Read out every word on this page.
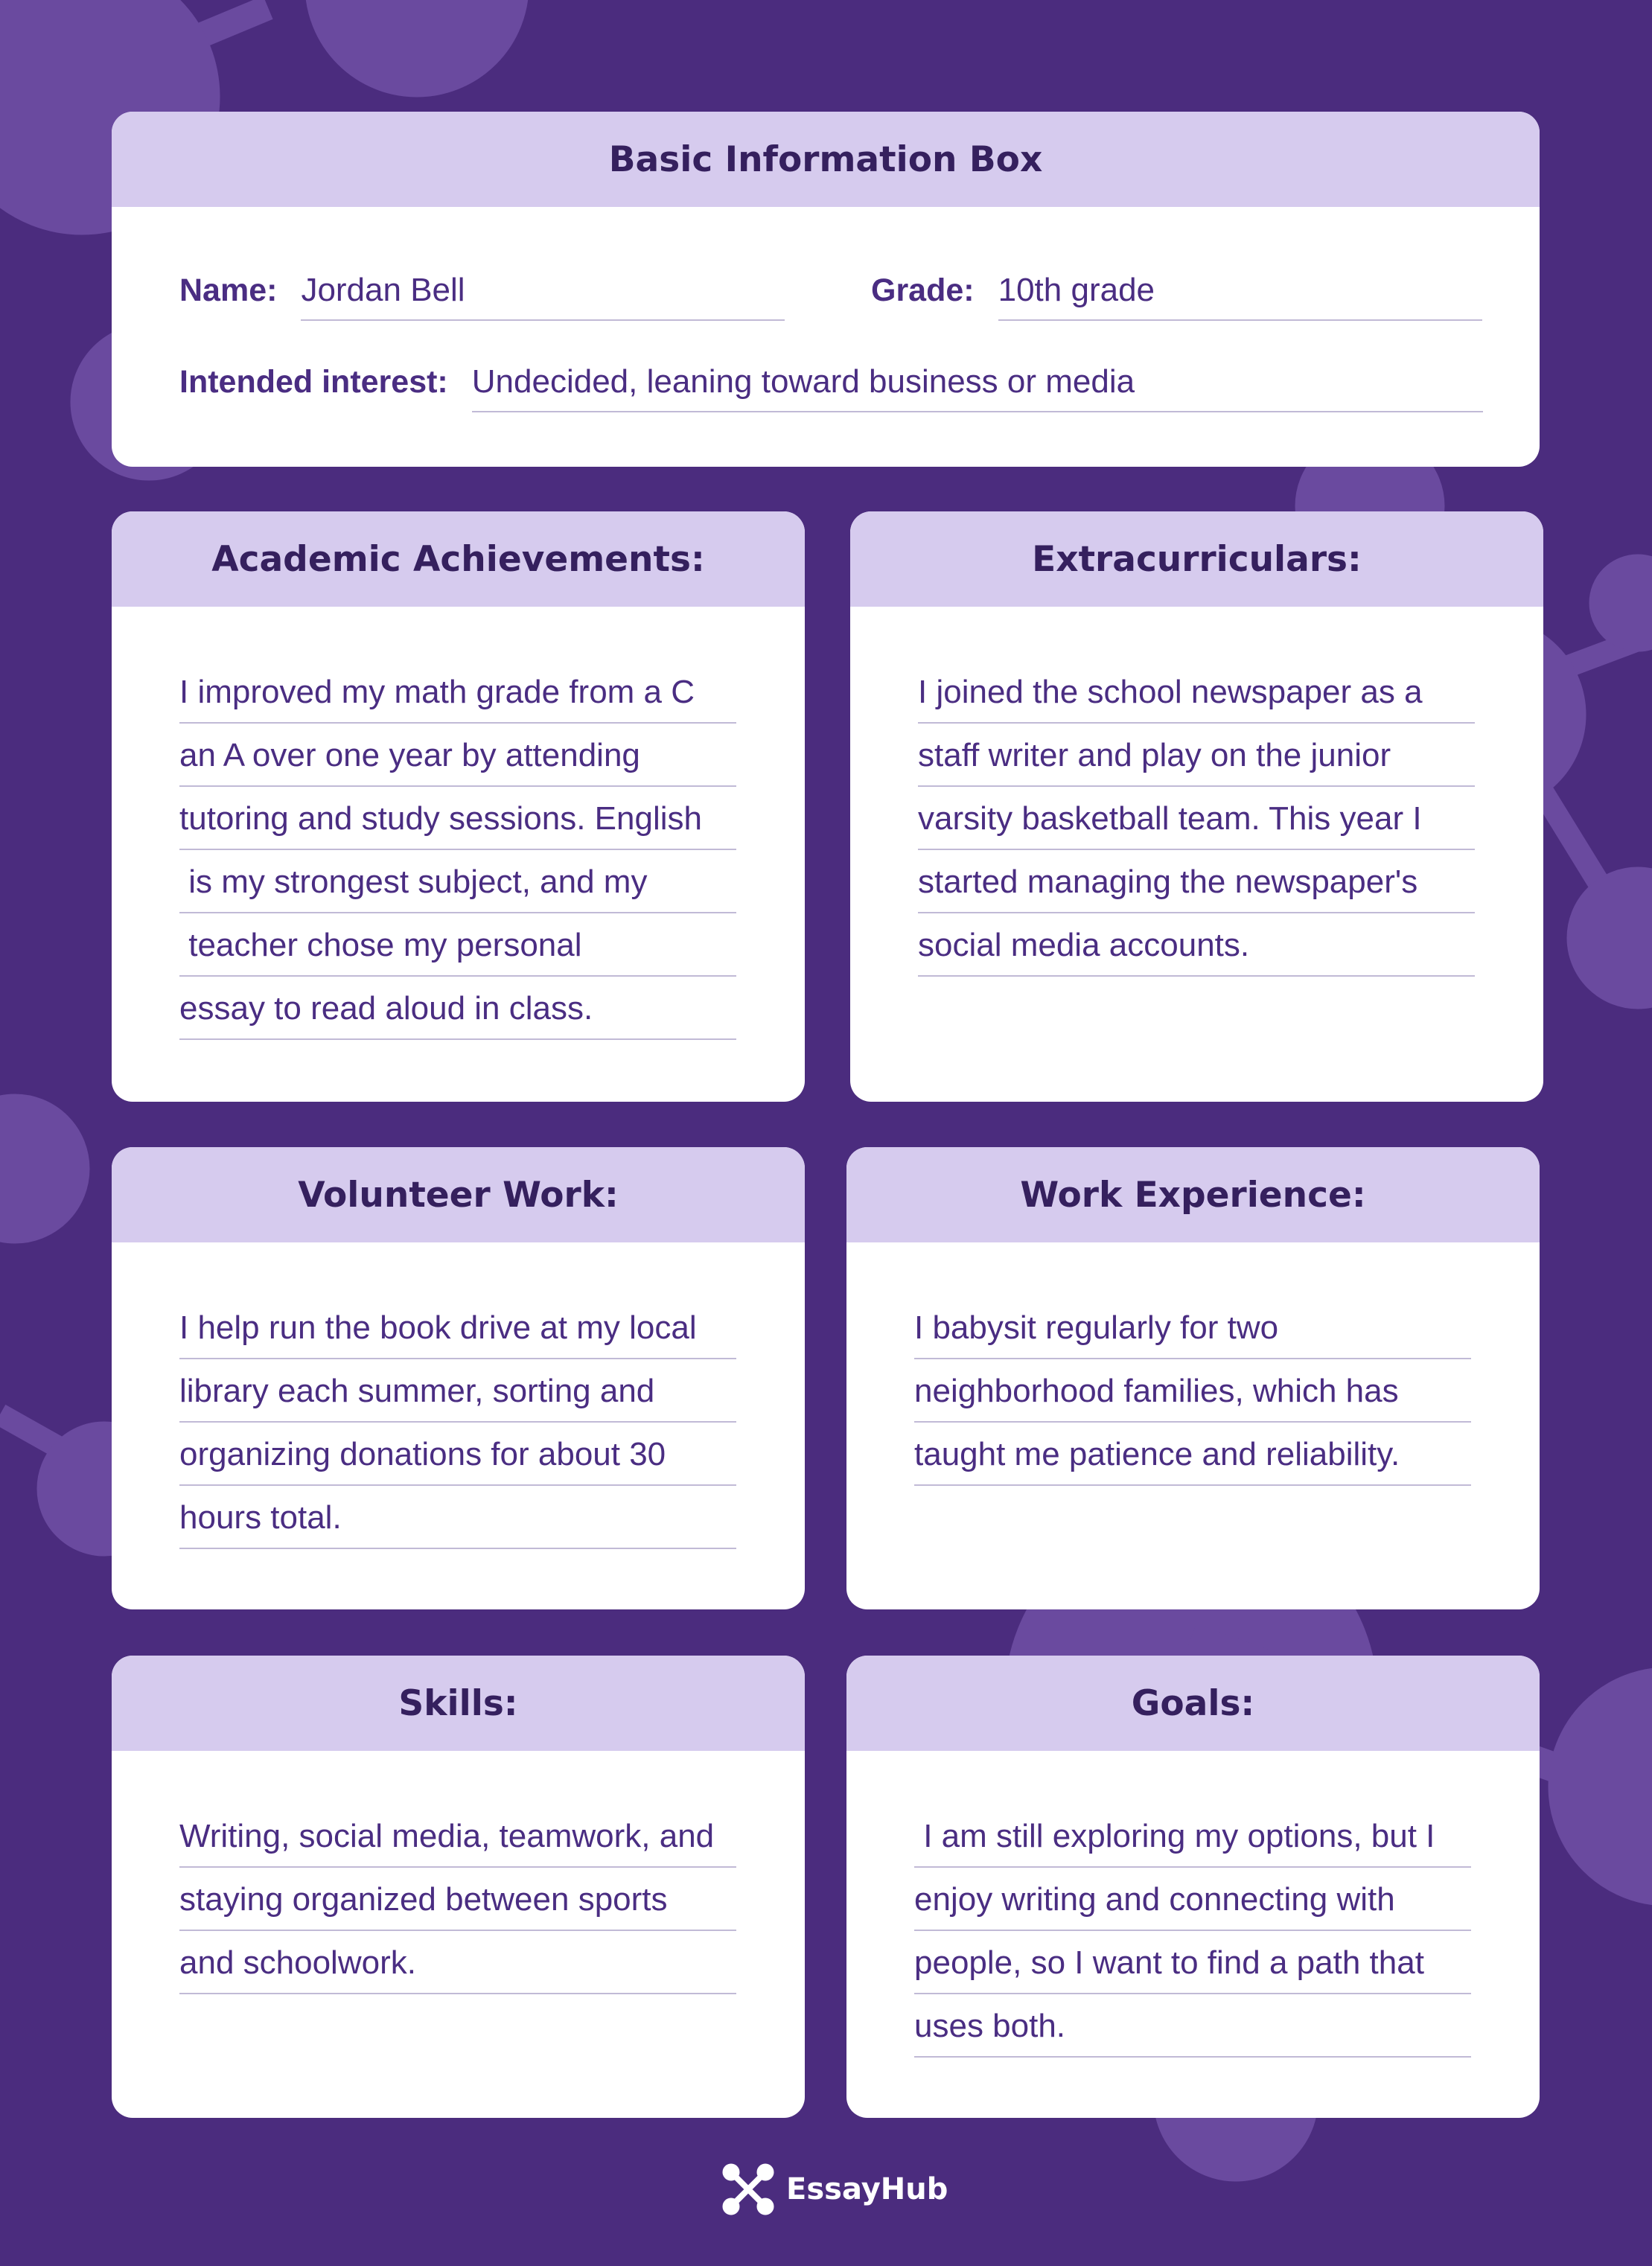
Basic Information Box
Name: Jordan Bell	Grade: 10th grade
Intended interest: Undecided, leaning toward business or media
Academic Achievements:
I improved my math grade from a C
an A over one year by attending
tutoring and study sessions. English
is my strongest subject, and my
teacher chose my personal
essay to read aloud in class.
Extracurriculars:
I joined the school newspaper as a
staff writer and play on the junior
varsity basketball team. This year I
started managing the newspaper's
social media accounts.
Volunteer Work:
I help run the book drive at my local
library each summer, sorting and
organizing donations for about 30
hours total.
Work Experience:
I babysit regularly for two
neighborhood families, which has
taught me patience and reliability.
Skills:
Writing, social media, teamwork, and
staying organized between sports
and schoolwork.
Goals:
I am still exploring my options, but I
enjoy writing and connecting with
people, so I want to find a path that
uses both.
EssayHub
